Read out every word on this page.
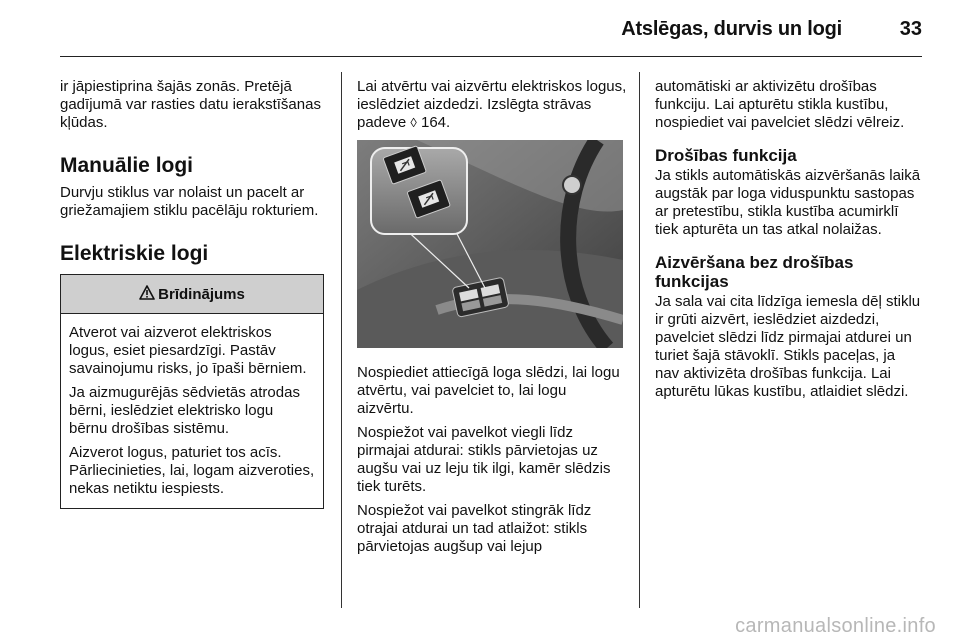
Atslēgas, durvis un logi	33

ir jāpiestiprina šajās zonās. Pretējā gadījumā var rasties datu ierakstīšanas kļūdas.

Manuālie logi

Durvju stiklus var nolaist un pacelt ar griežamajiem stiklu pacēlāju rokturiem.

Elektriskie logi
Brīdinājums

Atverot vai aizverot elektriskos logus, esiet piesardzīgi. Pastāv savainojumu risks, jo īpaši bērniem.

Ja aizmugurējās sēdvietās atrodas bērni, ieslēdziet elektrisko logu bērnu drošības sistēmu.

Aizverot logus, paturiet tos acīs. Pārliecinieties, lai, logam aizveroties, nekas netiktu iespiests.

Lai atvērtu vai aizvērtu elektriskos logus, ieslēdziet aizdedzi. Izslēgta strāvas padeve ◊ 164.

Nospiediet attiecīgā loga slēdzi, lai logu atvērtu, vai pavelciet to, lai logu aizvērtu.

Nospiežot vai pavelkot viegli līdz pirmajai atdurai: stikls pārvietojas uz augšu vai uz leju tik ilgi, kamēr slēdzis tiek turēts.

Nospiežot vai pavelkot stingrāk līdz otrajai atdurai un tad atlaižot: stikls pārvietojas augšup vai lejup

automātiski ar aktivizētu drošības funkciju. Lai apturētu stikla kustību, nospiediet vai pavelciet slēdzi vēlreiz.

Drošības funkcija

Ja stikls automātiskās aizvēršanās laikā augstāk par loga viduspunktu sastopas ar pretestību, stikla kustība acumirklī tiek apturēta un tas atkal nolaižas.

Aizvēršana bez drošības funkcijas

Ja sala vai cita līdzīga iemesla dēļ stiklu ir grūti aizvērt, ieslēdziet aizdedzi, pavelciet slēdzi līdz pirmajai atdurei un turiet šajā stāvoklī. Stikls paceļas, ja nav aktivizēta drošības funkcija. Lai apturētu lūkas kustību, atlaidiet slēdzi.

carmanualsonline.info
